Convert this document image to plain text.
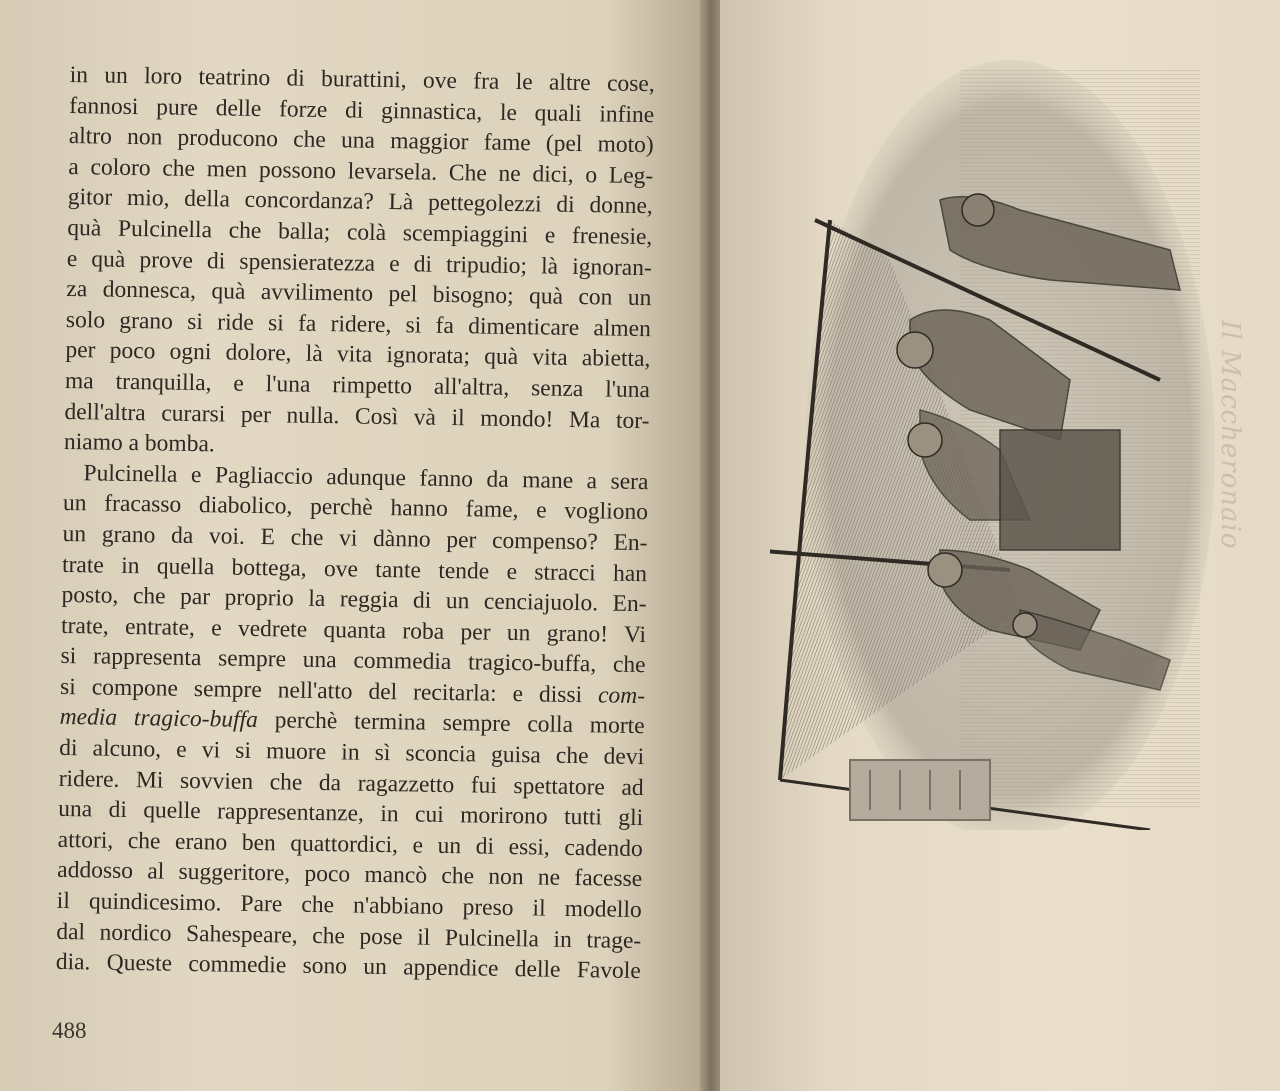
in un loro teatrino di burattini, ove fra le altre cose,
fannosi pure delle forze di ginnastica, le quali infine
altro non producono che una maggior fame (pel moto)
a coloro che men possono levarsela. Che ne dici, o Leg-
gitor mio, della concordanza? Là pettegolezzi di donne,
quà Pulcinella che balla; colà scempiaggini e frenesie,
e quà prove di spensieratezza e di tripudio; là ignoran-
za donnesca, quà avvilimento pel bisogno; quà con un
solo grano si ride si fa ridere, si fa dimenticare almen
per poco ogni dolore, là vita ignorata; quà vita abietta,
ma tranquilla, e l'una rimpetto all'altra, senza l'una
dell'altra curarsi per nulla. Così và il mondo! Ma tor-
niamo a bomba.
Pulcinella e Pagliaccio adunque fanno da mane a sera
un fracasso diabolico, perchè hanno fame, e vogliono
un grano da voi. E che vi dànno per compenso? En-
trate in quella bottega, ove tante tende e stracci han
posto, che par proprio la reggia di un cenciajuolo. En-
trate, entrate, e vedrete quanta roba per un grano! Vi
si rappresenta sempre una commedia tragico-buffa, che
si compone sempre nell'atto del recitarla: e dissi com-
media tragico-buffa perchè termina sempre colla morte
di alcuno, e vi si muore in sì sconcia guisa che devi
ridere. Mi sovvien che da ragazzetto fui spettatore ad
una di quelle rappresentanze, in cui morirono tutti gli
attori, che erano ben quattordici, e un di essi, cadendo
addosso al suggeritore, poco mancò che non ne facesse
il quindicesimo. Pare che n'abbiano preso il modello
dal nordico Sahespeare, che pose il Pulcinella in trage-
dia. Queste commedie sono un appendice delle Favole
488
Il Maccheronaio
